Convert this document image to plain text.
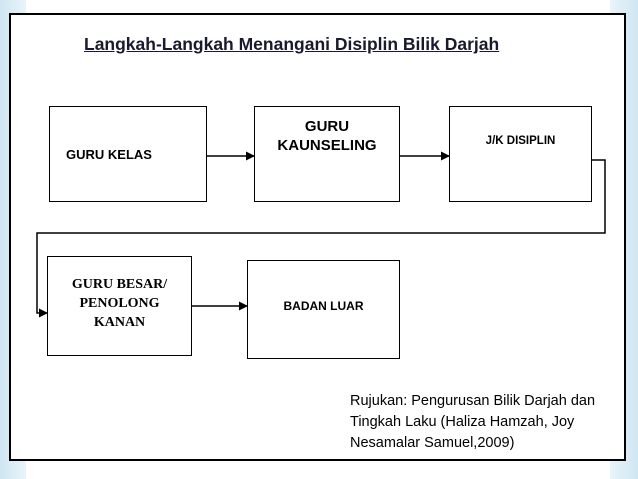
Langkah-Langkah Menangani Disiplin Bilik Darjah
GURU KELAS
GURU KAUNSELING	J/K DISIPLIN
GURU BESAR/ PENOLONG KANAN
BADAN LUAR
Rujukan: Pengurusan Bilik Darjah dan Tingkah Laku (Haliza Hamzah, Joy Nesamalar Samuel,2009)
